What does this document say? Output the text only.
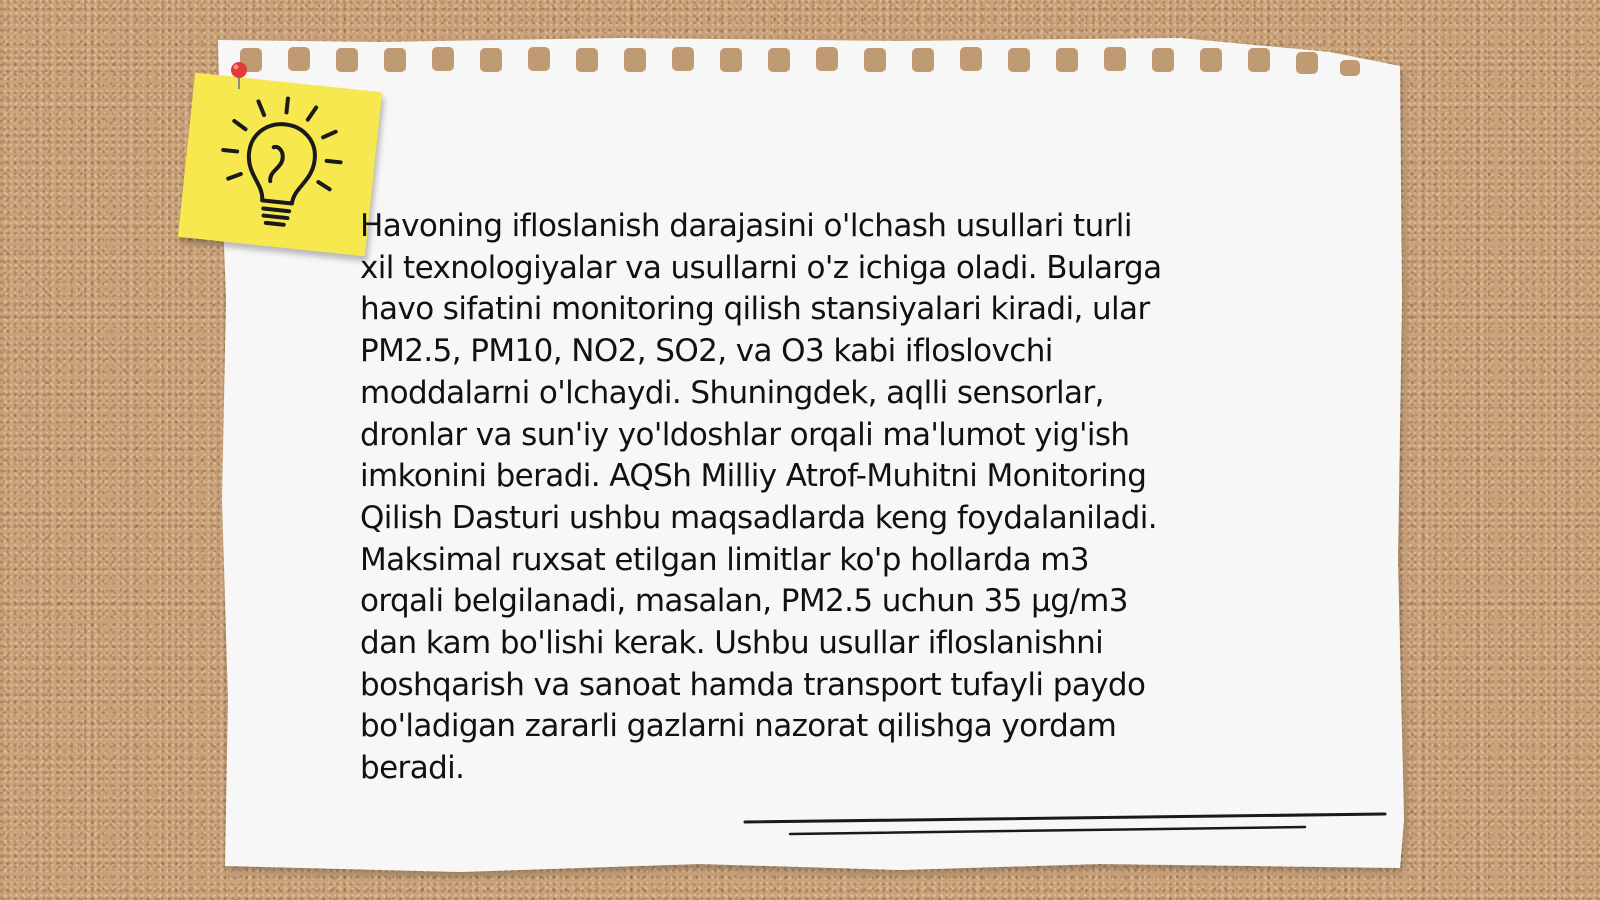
Havoning ifloslanish darajasini o'lchash usullari turli
xil texnologiyalar va usullarni o'z ichiga oladi. Bularga
havo sifatini monitoring qilish stansiyalari kiradi, ular
PM2.5, PM10, NO2, SO2, va O3 kabi ifloslovchi
moddalarni o'lchaydi. Shuningdek, aqlli sensorlar,
dronlar va sun'iy yo'ldoshlar orqali ma'lumot yig'ish
imkonini beradi. AQSh Milliy Atrof-Muhitni Monitoring
Qilish Dasturi ushbu maqsadlarda keng foydalaniladi.
Maksimal ruxsat etilgan limitlar ko'p hollarda m3
orqali belgilanadi, masalan, PM2.5 uchun 35 µg/m3
dan kam bo'lishi kerak. Ushbu usullar ifloslanishni
boshqarish va sanoat hamda transport tufayli paydo
bo'ladigan zararli gazlarni nazorat qilishga yordam
beradi.
